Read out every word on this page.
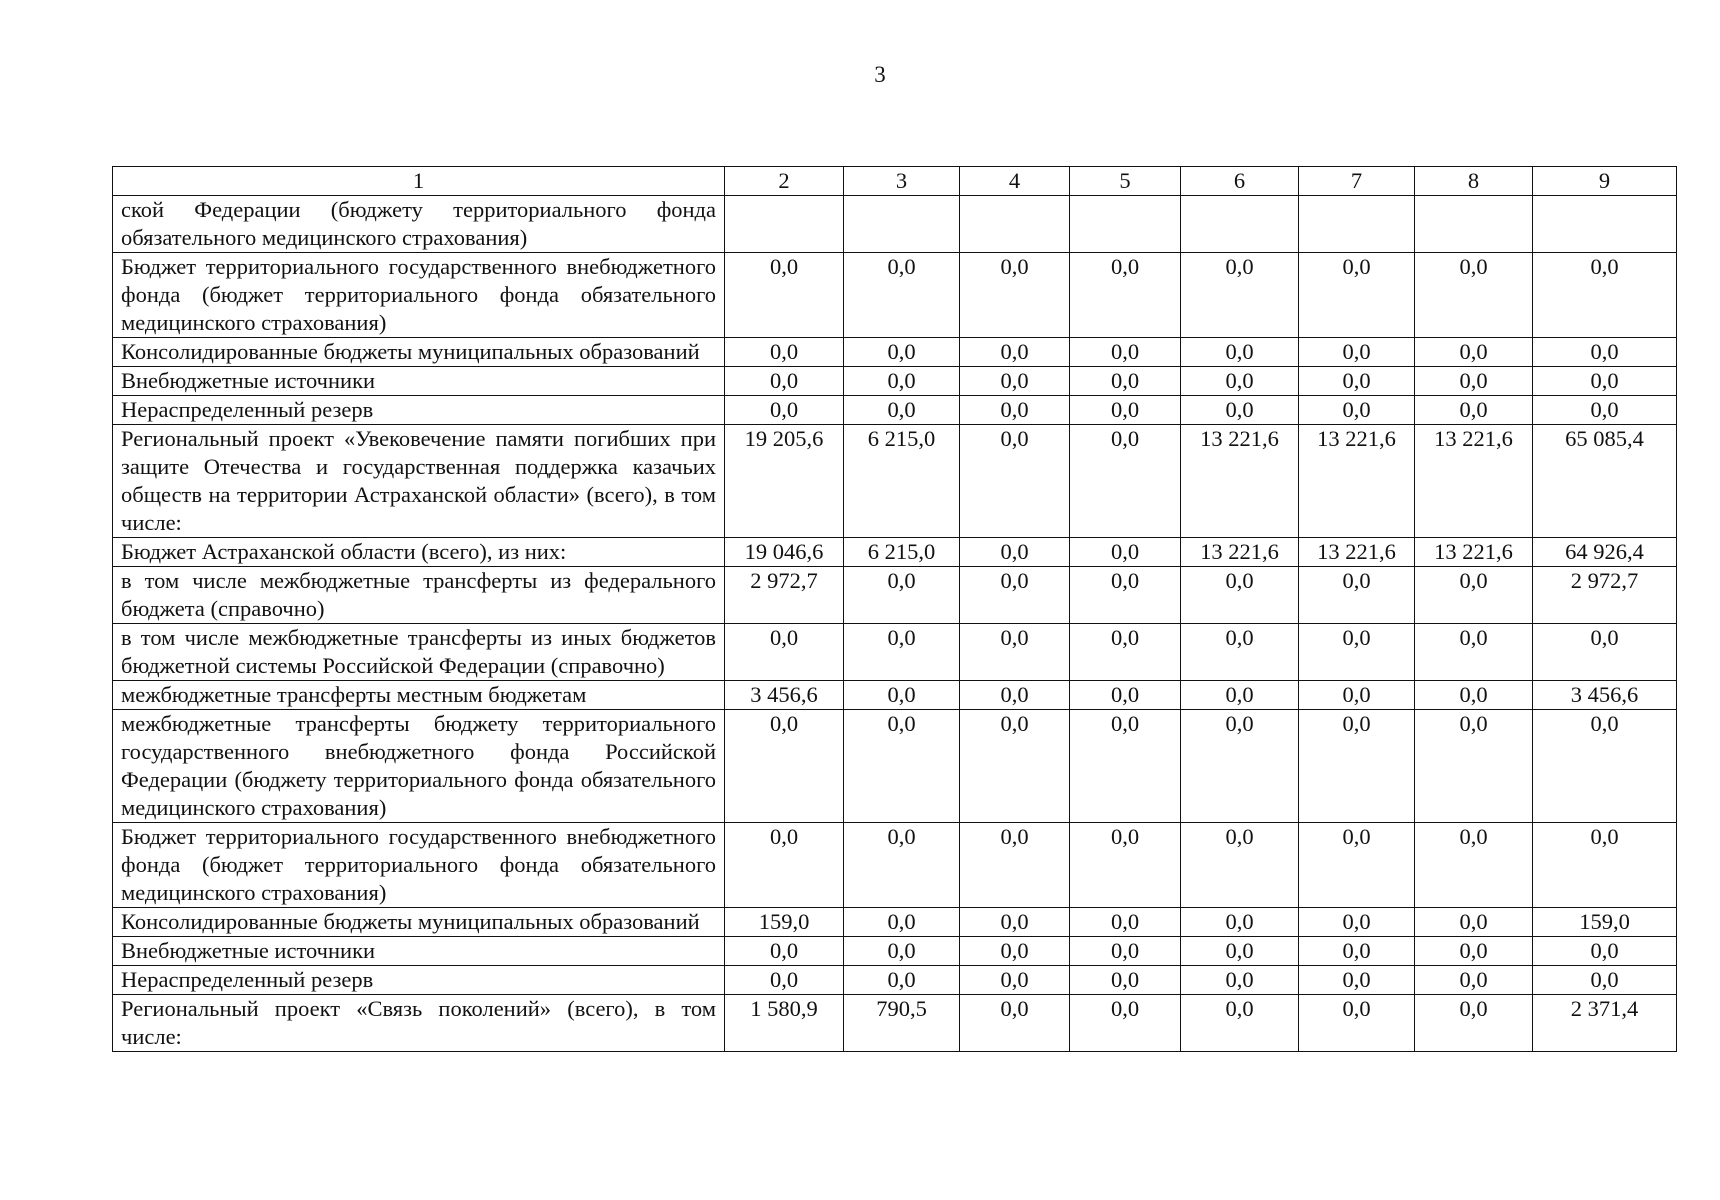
3
1	2	3	4	5	6	7	8	9
ской Федерации (бюджету территориального фонда обязательного медицинского страхования)								
Бюджет территориального государственного внебюджетного фонда (бюджет территориального фонда обязательного медицинского страхования)	0,0	0,0	0,0	0,0	0,0	0,0	0,0	0,0
Консолидированные бюджеты муниципальных образований	0,0	0,0	0,0	0,0	0,0	0,0	0,0	0,0
Внебюджетные источники	0,0	0,0	0,0	0,0	0,0	0,0	0,0	0,0
Нераспределенный резерв	0,0	0,0	0,0	0,0	0,0	0,0	0,0	0,0
Региональный проект «Увековечение памяти погибших при защите Отечества и государственная поддержка казачьих обществ на территории Астраханской области» (всего), в том числе:	19 205,6	6 215,0	0,0	0,0	13 221,6	13 221,6	13 221,6	65 085,4
Бюджет Астраханской области (всего), из них:	19 046,6	6 215,0	0,0	0,0	13 221,6	13 221,6	13 221,6	64 926,4
в том числе межбюджетные трансферты из федерального бюджета (справочно)	2 972,7	0,0	0,0	0,0	0,0	0,0	0,0	2 972,7
в том числе межбюджетные трансферты из иных бюджетов бюджетной системы Российской Федерации (справочно)	0,0	0,0	0,0	0,0	0,0	0,0	0,0	0,0
межбюджетные трансферты местным бюджетам	3 456,6	0,0	0,0	0,0	0,0	0,0	0,0	3 456,6
межбюджетные трансферты бюджету территориального государственного внебюджетного фонда Российской Федерации (бюджету территориального фонда обязательного медицинского страхования)	0,0	0,0	0,0	0,0	0,0	0,0	0,0	0,0
Бюджет территориального государственного внебюджетного фонда (бюджет территориального фонда обязательного медицинского страхования)	0,0	0,0	0,0	0,0	0,0	0,0	0,0	0,0
Консолидированные бюджеты муниципальных образований	159,0	0,0	0,0	0,0	0,0	0,0	0,0	159,0
Внебюджетные источники	0,0	0,0	0,0	0,0	0,0	0,0	0,0	0,0
Нераспределенный резерв	0,0	0,0	0,0	0,0	0,0	0,0	0,0	0,0
Региональный проект «Связь поколений» (всего), в том числе:	1 580,9	790,5	0,0	0,0	0,0	0,0	0,0	2 371,4
